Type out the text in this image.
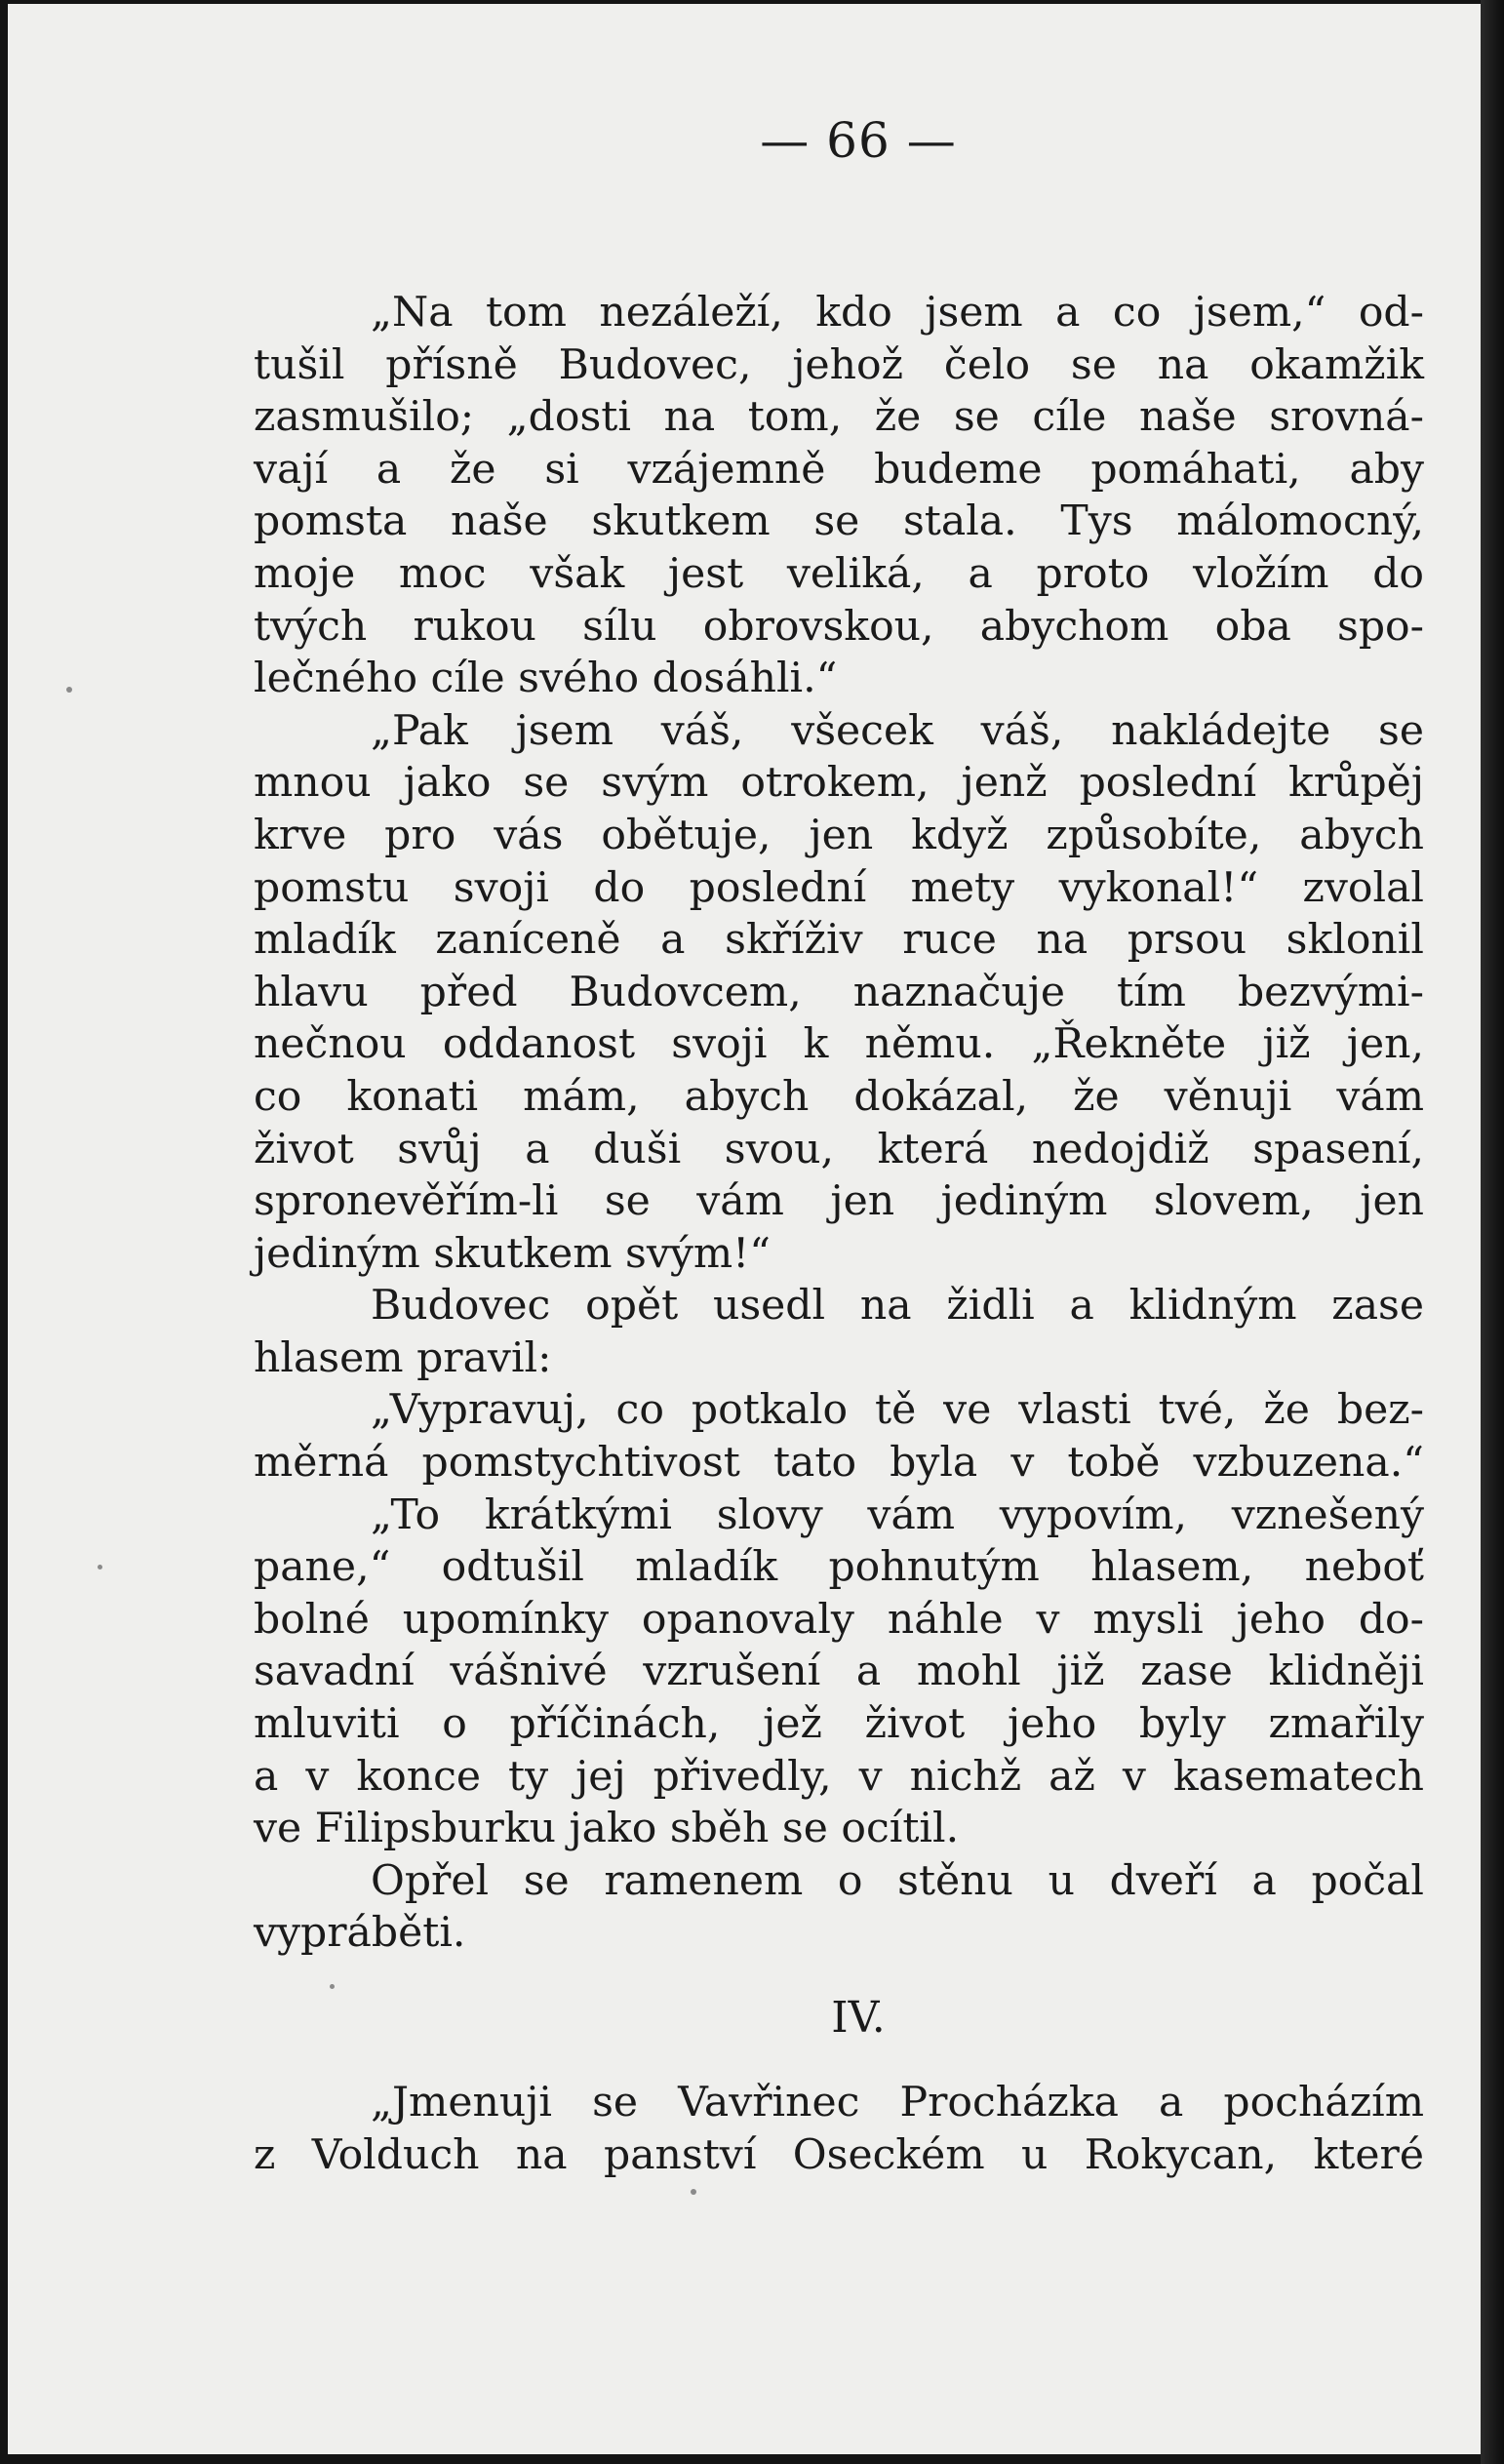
— 66 —
„Na tom nezáleží, kdo jsem a co jsem,“ od-
tušil přísně Budovec, jehož čelo se na okamžik
zasmušilo; „dosti na tom, že se cíle naše srovná-
vají a že si vzájemně budeme pomáhati, aby
pomsta naše skutkem se stala. Tys málomocný,
moje moc však jest veliká, a proto vložím do
tvých rukou sílu obrovskou, abychom oba spo-
lečného cíle svého dosáhli.“
„Pak jsem váš, všecek váš, nakládejte se
mnou jako se svým otrokem, jenž poslední krůpěj
krve pro vás obětuje, jen když způsobíte, abych
pomstu svoji do poslední mety vykonal!“ zvolal
mladík zaníceně a skříživ ruce na prsou sklonil
hlavu před Budovcem, naznačuje tím bezvými-
nečnou oddanost svoji k němu. „Řekněte již jen,
co konati mám, abych dokázal, že věnuji vám
život svůj a duši svou, která nedojdiž spasení,
spronevěřím-li se vám jen jediným slovem, jen
jediným skutkem svým!“
Budovec opět usedl na židli a klidným zase
hlasem pravil:
„Vypravuj, co potkalo tě ve vlasti tvé, že bez-
měrná pomstychtivost tato byla v tobě vzbuzena.“
„To krátkými slovy vám vypovím, vznešený
pane,“ odtušil mladík pohnutým hlasem, neboť
bolné upomínky opanovaly náhle v mysli jeho do-
savadní vášnivé vzrušení a mohl již zase klidněji
mluviti o příčinách, jež život jeho byly zmařily
a v konce ty jej přivedly, v nichž až v kasematech
ve Filipsburku jako sběh se ocítil.
Opřel se ramenem o stěnu u dveří a počal
vypráběti.
IV.
„Jmenuji se Vavřinec Procházka a pocházím
z Volduch na panství Oseckém u Rokycan, které
